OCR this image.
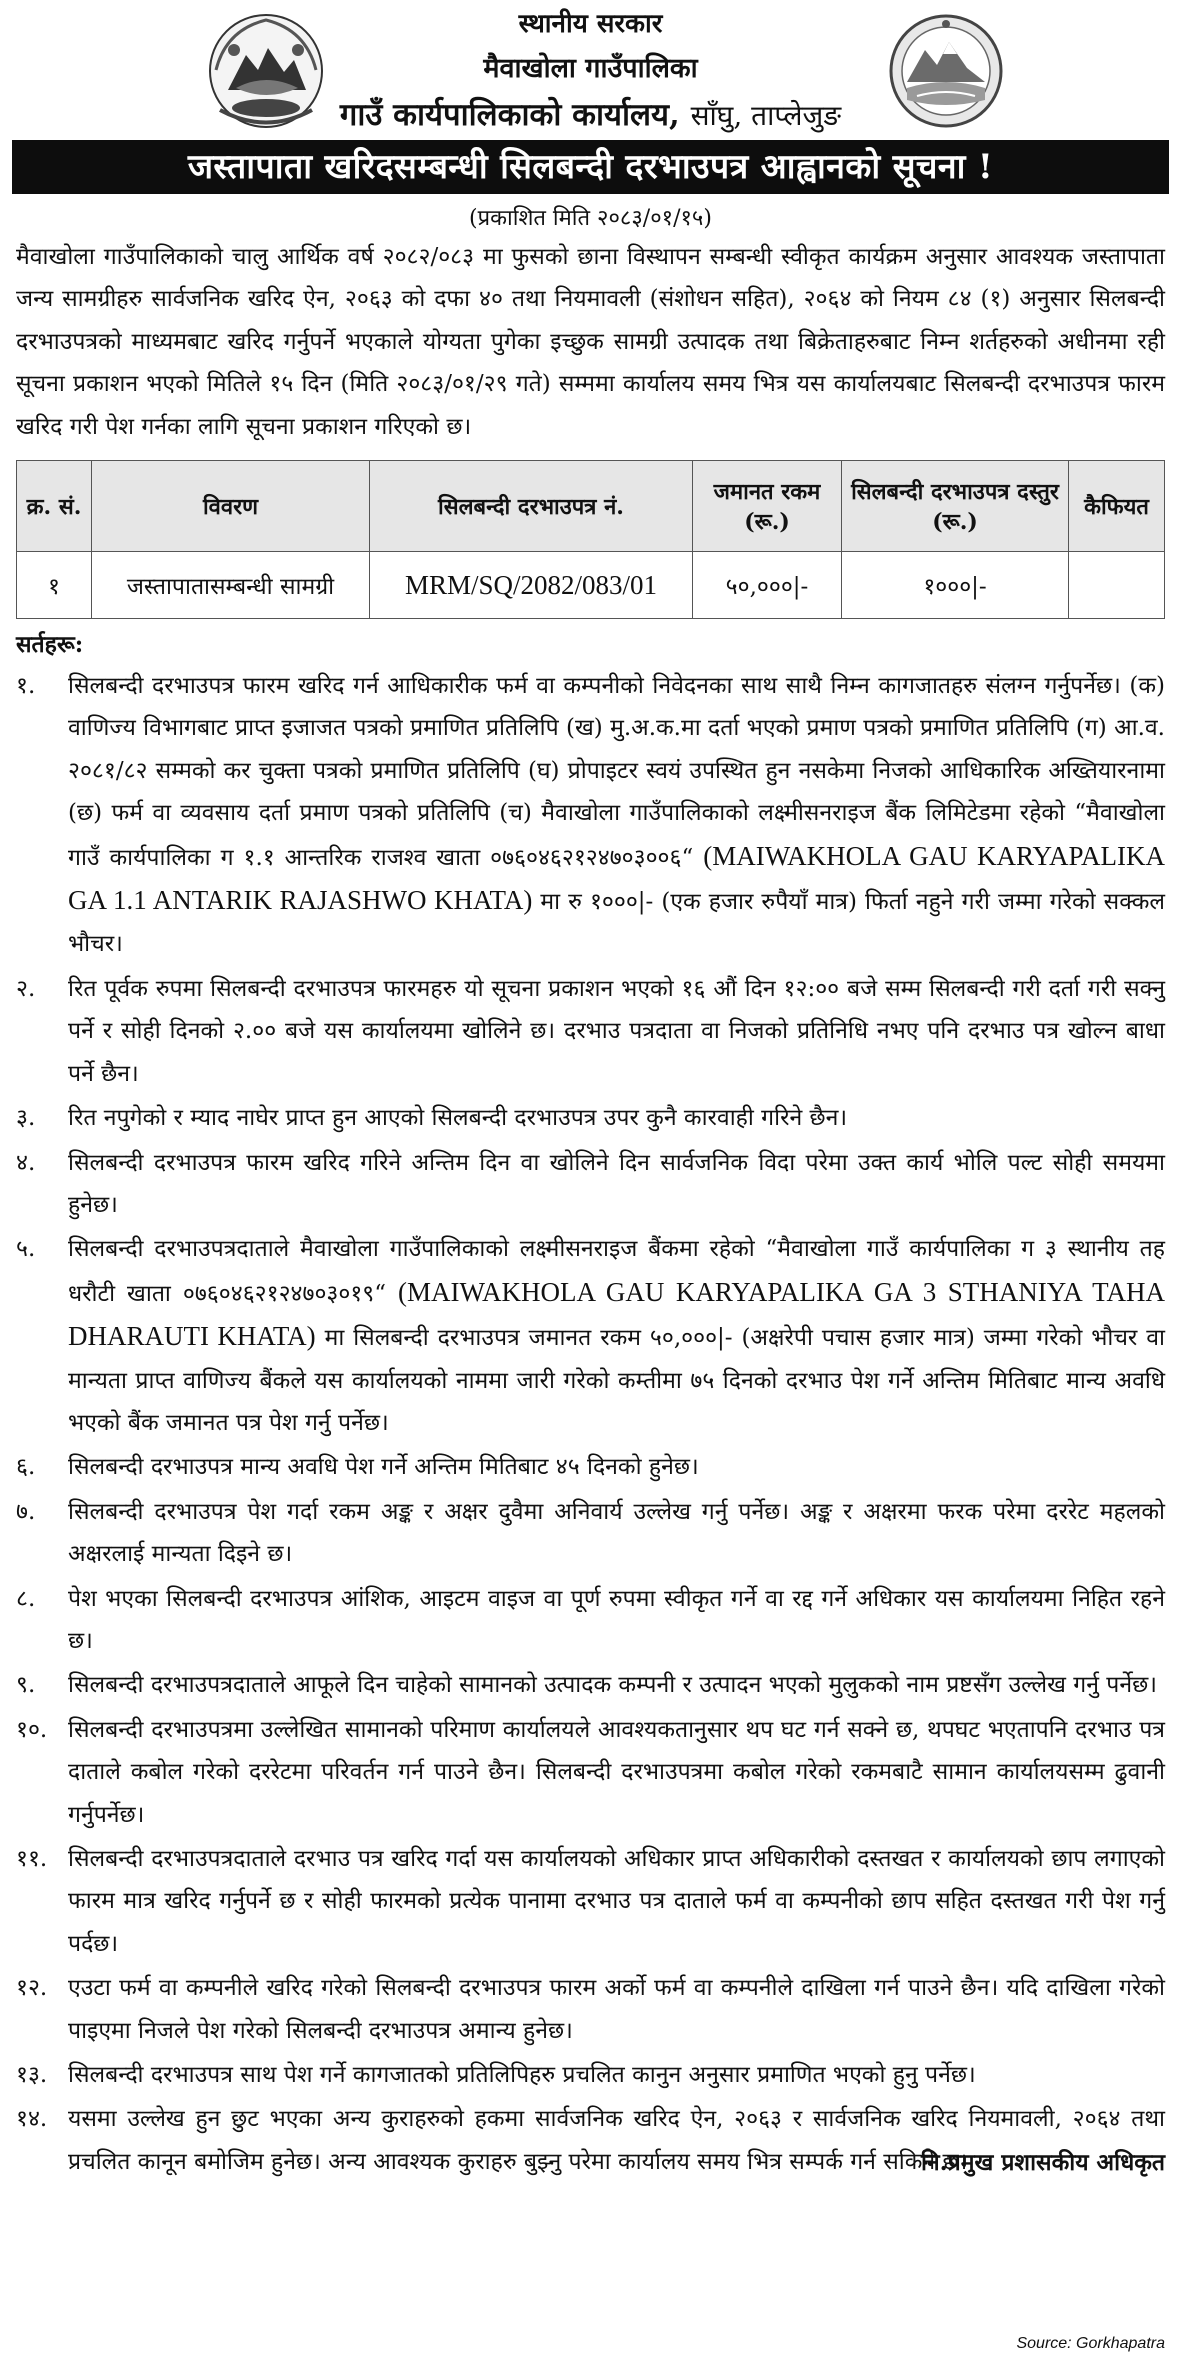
स्थानीय सरकार
मैवाखोला गाउँपालिका
गाउँ कार्यपालिकाको कार्यालय, साँघु, ताप्लेजुङ
जस्तापाता खरिदसम्बन्धी सिलबन्दी दरभाउपत्र आह्वानको सूचना !
(प्रकाशित मिति २०८३/०१/१५)
मैवाखोला गाउँपालिकाको चालु आर्थिक वर्ष २०८२/०८३ मा फुसको छाना विस्थापन सम्बन्धी स्वीकृत कार्यक्रम अनुसार आवश्यक जस्तापाता जन्य सामग्रीहरु सार्वजनिक खरिद ऐन, २०६३ को दफा ४० तथा नियमावली (संशोधन सहित), २०६४ को नियम ८४ (१) अनुसार सिलबन्दी दरभाउपत्रको माध्यमबाट खरिद गर्नुपर्ने भएकाले योग्यता पुगेका इच्छुक सामग्री उत्पादक तथा बिक्रेताहरुबाट निम्न शर्तहरुको अधीनमा रही सूचना प्रकाशन भएको मितिले १५ दिन (मिति २०८३/०१/२९ गते) सम्ममा कार्यालय समय भित्र यस कार्यालयबाट सिलबन्दी दरभाउपत्र फारम खरिद गरी पेश गर्नका लागि सूचना प्रकाशन गरिएको छ।
क्र. सं.	विवरण	सिलबन्दी दरभाउपत्र नं.	जमानत रकम (रू.)	सिलबन्दी दरभाउपत्र दस्तुर (रू.)	कैफियत
१	जस्तापातासम्बन्धी सामग्री	MRM/SQ/2082/083/01	५०,०००|-	१०००|-	
सर्तहरू:
१.	सिलबन्दी दरभाउपत्र फारम खरिद गर्न आधिकारीक फर्म वा कम्पनीको निवेदनका साथ साथै निम्न कागजातहरु संलग्न गर्नुपर्नेछ। (क) वाणिज्य विभागबाट प्राप्त इजाजत पत्रको प्रमाणित प्रतिलिपि (ख) मु.अ.क.मा दर्ता भएको प्रमाण पत्रको प्रमाणित प्रतिलिपि (ग) आ.व. २०८१/८२ सम्मको कर चुक्ता पत्रको प्रमाणित प्रतिलिपि (घ) प्रोपाइटर स्वयं उपस्थित हुन नसकेमा निजको आधिकारिक अख्तियारनामा (छ) फर्म वा व्यवसाय दर्ता प्रमाण पत्रको प्रतिलिपि (च) मैवाखोला गाउँपालिकाको लक्ष्मीसनराइज बैंक लिमिटेडमा रहेको “मैवाखोला गाउँ कार्यपालिका ग १.१ आन्तरिक राजश्व खाता ०७६०४६२१२४७०३००६“ (MAIWAKHOLA GAU KARYAPALIKA GA 1.1 ANTARIK RAJASHWO KHATA) मा रु १०००|- (एक हजार रुपैयाँ मात्र) फिर्ता नहुने गरी जम्मा गरेको सक्कल भौचर।
२.	रित पूर्वक रुपमा सिलबन्दी दरभाउपत्र फारमहरु यो सूचना प्रकाशन भएको १६ औं दिन १२:०० बजे सम्म सिलबन्दी गरी दर्ता गरी सक्नु पर्ने र सोही दिनको २.०० बजे यस कार्यालयमा खोलिने छ। दरभाउ पत्रदाता वा निजको प्रतिनिधि नभए पनि दरभाउ पत्र खोल्न बाधा पर्ने छैन।
३.	रित नपुगेको र म्याद नाघेर प्राप्त हुन आएको सिलबन्दी दरभाउपत्र उपर कुनै कारवाही गरिने छैन।
४.	सिलबन्दी दरभाउपत्र फारम खरिद गरिने अन्तिम दिन वा खोलिने दिन सार्वजनिक विदा परेमा उक्त कार्य भोलि पल्ट सोही समयमा हुनेछ।
५.	सिलबन्दी दरभाउपत्रदाताले मैवाखोला गाउँपालिकाको लक्ष्मीसनराइज बैंकमा रहेको “मैवाखोला गाउँ कार्यपालिका ग ३ स्थानीय तह धरौटी खाता ०७६०४६२१२४७०३०१९“ (MAIWAKHOLA GAU KARYAPALIKA GA 3 STHANIYA TAHA DHARAUTI KHATA) मा सिलबन्दी दरभाउपत्र जमानत रकम ५०,०००|- (अक्षरेपी पचास हजार मात्र) जम्मा गरेको भौचर वा मान्यता प्राप्त वाणिज्य बैंकले यस कार्यालयको नाममा जारी गरेको कम्तीमा ७५ दिनको दरभाउ पेश गर्ने अन्तिम मितिबाट मान्य अवधि भएको बैंक जमानत पत्र पेश गर्नु पर्नेछ।
६.	सिलबन्दी दरभाउपत्र मान्य अवधि पेश गर्ने अन्तिम मितिबाट ४५ दिनको हुनेछ।
७.	सिलबन्दी दरभाउपत्र पेश गर्दा रकम अङ्क र अक्षर दुवैमा अनिवार्य उल्लेख गर्नु पर्नेछ। अङ्क र अक्षरमा फरक परेमा दररेट महलको अक्षरलाई मान्यता दिइने छ।
८.	पेश भएका सिलबन्दी दरभाउपत्र आंशिक, आइटम वाइज वा पूर्ण रुपमा स्वीकृत गर्ने वा रद्द गर्ने अधिकार यस कार्यालयमा निहित रहने छ।
९.	सिलबन्दी दरभाउपत्रदाताले आफूले दिन चाहेको सामानको उत्पादक कम्पनी र उत्पादन भएको मुलुकको नाम प्रष्टसँग उल्लेख गर्नु पर्नेछ।
१०. सिलबन्दी दरभाउपत्रमा उल्लेखित सामानको परिमाण कार्यालयले आवश्यकतानुसार थप घट गर्न सक्ने छ, थपघट भएतापनि दरभाउ पत्र दाताले कबोल गरेको दररेटमा परिवर्तन गर्न पाउने छैन। सिलबन्दी दरभाउपत्रमा कबोल गरेको रकमबाटै सामान कार्यालयसम्म ढुवानी गर्नुपर्नेछ।
११. सिलबन्दी दरभाउपत्रदाताले दरभाउ पत्र खरिद गर्दा यस कार्यालयको अधिकार प्राप्त अधिकारीको दस्तखत र कार्यालयको छाप लगाएको फारम मात्र खरिद गर्नुपर्ने छ र सोही फारमको प्रत्येक पानामा दरभाउ पत्र दाताले फर्म वा कम्पनीको छाप सहित दस्तखत गरी पेश गर्नु पर्दछ।
१२. एउटा फर्म वा कम्पनीले खरिद गरेको सिलबन्दी दरभाउपत्र फारम अर्को फर्म वा कम्पनीले दाखिला गर्न पाउने छैन। यदि दाखिला गरेको पाइएमा निजले पेश गरेको सिलबन्दी दरभाउपत्र अमान्य हुनेछ।
१३. सिलबन्दी दरभाउपत्र साथ पेश गर्ने कागजातको प्रतिलिपिहरु प्रचलित कानुन अनुसार प्रमाणित भएको हुनु पर्नेछ।
१४. यसमा उल्लेख हुन छुट भएका अन्य कुराहरुको हकमा सार्वजनिक खरिद ऐन, २०६३ र सार्वजनिक खरिद नियमावली, २०६४ तथा प्रचलित कानून बमोजिम हुनेछ। अन्य आवश्यक कुराहरु बुझ्नु परेमा कार्यालय समय भित्र सम्पर्क गर्न सकिने छ।
नि.प्रमुख प्रशासकीय अधिकृत
Source: Gorkhapatra
